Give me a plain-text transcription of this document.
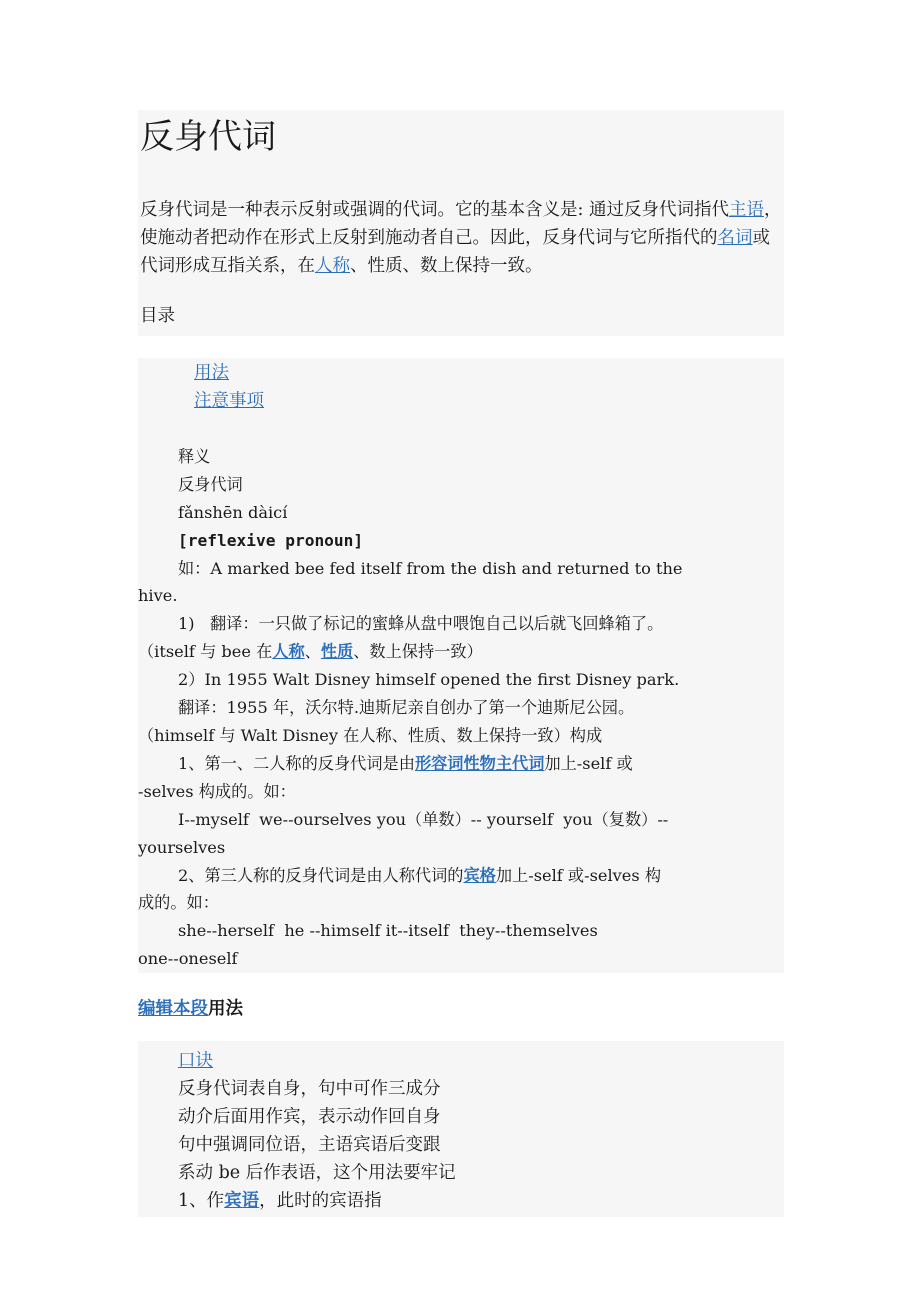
反身代词

反身代词是一种表示反射或强调的代词。它的基本含义是: 通过反身代词指代主语，使施动者把动作在形式上反射到施动者自己。因此，反身代词与它所指代的名词或代词形成互指关系，在人称、性质、数上保持一致。

目录
用法
注意事项

释义
反身代词
fǎnshēn dàicí
[reflexive pronoun]
如：A marked bee fed itself from the dish and returned to the
hive.
1)   翻译：一只做了标记的蜜蜂从盘中喂饱自己以后就飞回蜂箱了。
（itself 与 bee 在人称、性质、数上保持一致）
2）In 1955 Walt Disney himself opened the first Disney park.
翻译：1955 年，沃尔特.迪斯尼亲自创办了第一个迪斯尼公园。
（himself 与 Walt Disney 在人称、性质、数上保持一致）构成
1、第一、二人称的反身代词是由形容词性物主代词加上-self 或
-selves 构成的。如：
I--myself  we--ourselves you（单数）-- yourself  you（复数）--
yourselves
2、第三人称的反身代词是由人称代词的宾格加上-self 或-selves 构
成的。如：
she--herself  he --himself it--itself  they--themselves
one--oneself
编辑本段用法
口诀
反身代词表自身，句中可作三成分
动介后面用作宾，表示动作回自身
句中强调同位语，主语宾语后变跟
系动 be 后作表语，这个用法要牢记
1、作宾语，此时的宾语指
